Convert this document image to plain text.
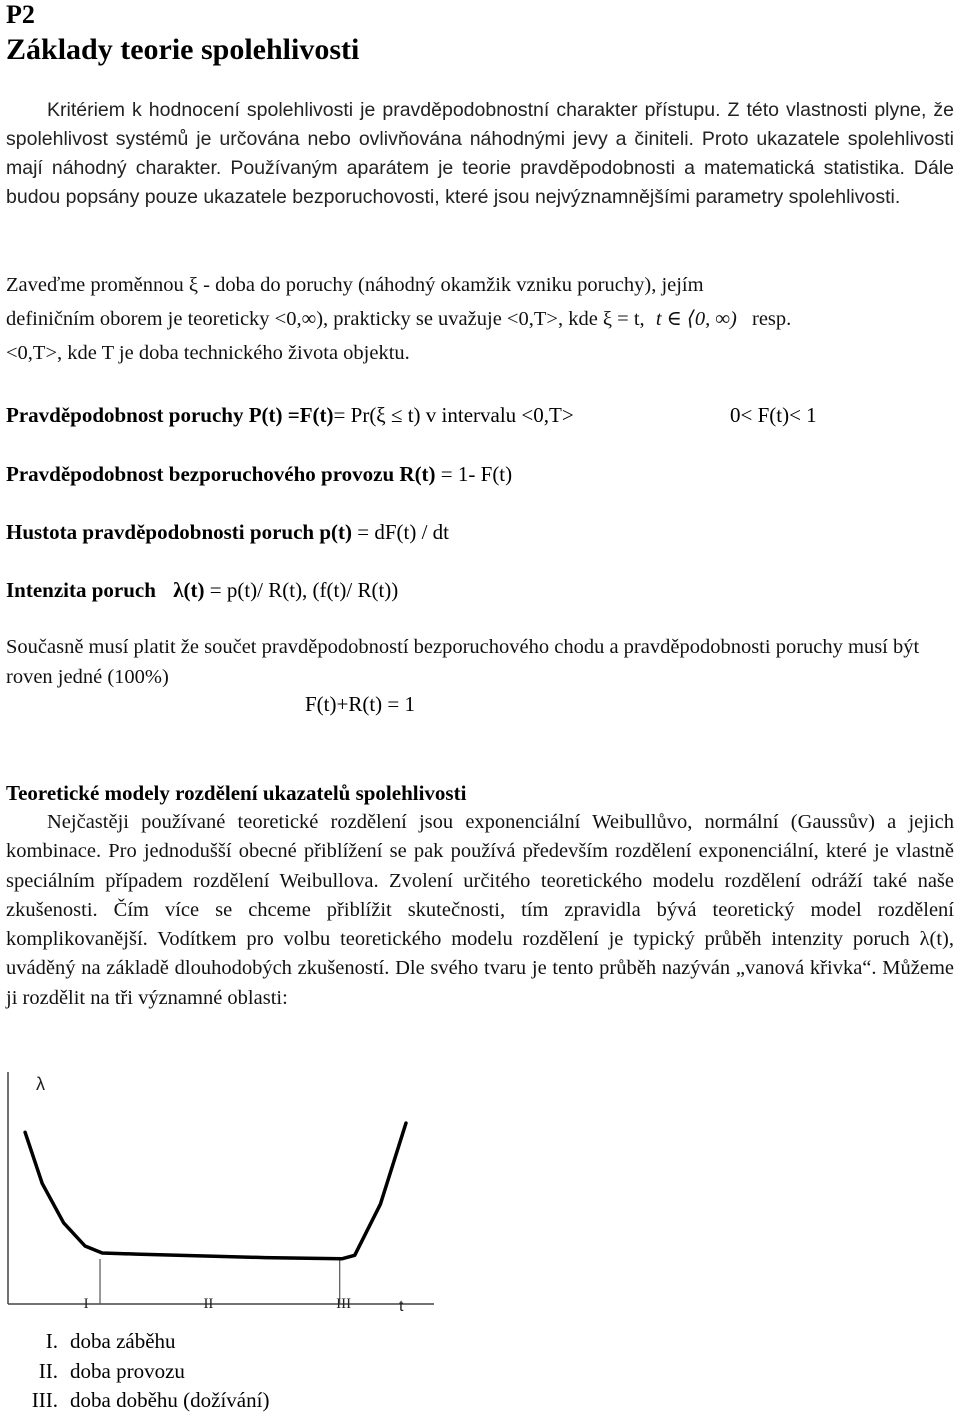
P2
Základy teorie spolehlivosti

Kritériem k hodnocení spolehlivosti je pravděpodobnostní charakter přístupu. Z této vlastnosti plyne, že spolehlivost systémů je určována nebo ovlivňována náhodnými jevy a činiteli. Proto ukazatele spolehlivosti mají náhodný charakter. Používaným aparátem je teorie pravděpodobnosti a matematická statistika. Dále budou popsány pouze ukazatele bezporuchovosti, které jsou nejvýznamnějšími parametry spolehlivosti.

Zaveďme proměnnou ξ - doba do poruchy (náhodný okamžik vzniku poruchy), jejím
definičním oborem je teoreticky <0,∞), prakticky se uvažuje <0,T>, kde ξ = t, t ∈ ⟨0, ∞) resp.
<0,T>, kde T je doba technického života objektu.
Pravděpodobnost poruchy P(t) =F(t)= Pr(ξ ≤ t) v intervalu <0,T>	0< F(t)< 1
Pravděpodobnost bezporuchového provozu R(t) = 1- F(t)
Hustota pravděpodobnosti poruch p(t) = dF(t) / dt
Intenzita poruch λ(t) = p(t)/ R(t), (f(t)/ R(t))

Současně musí platit že součet pravděpodobností bezporuchového chodu a pravděpodobnosti poruchy musí být roven jedné (100%)

F(t)+R(t) = 1
Teoretické modely rozdělení ukazatelů spolehlivosti

Nejčastěji používané teoretické rozdělení jsou exponenciální Weibullůvo, normální (Gaussův) a jejich kombinace. Pro jednodušší obecné přiblížení se pak používá především rozdělení exponenciální, které je vlastně speciálním případem rozdělení Weibullova. Zvolení určitého teoretického modelu rozdělení odráží také naše zkušenosti. Čím více se chceme přiblížit skutečnosti, tím zpravidla bývá teoretický model rozdělení komplikovanější. Vodítkem pro volbu teoretického modelu rozdělení je typický průběh intenzity poruch λ(t), uváděný na základě dlouhodobých zkušeností. Dle svého tvaru je tento průběh nazýván „vanová křivka“. Můžeme ji rozdělit na tři významné oblasti:

λ
I	II	III	t
I. doba záběhu
II. doba provozu
III. doba doběhu (dožívání)
